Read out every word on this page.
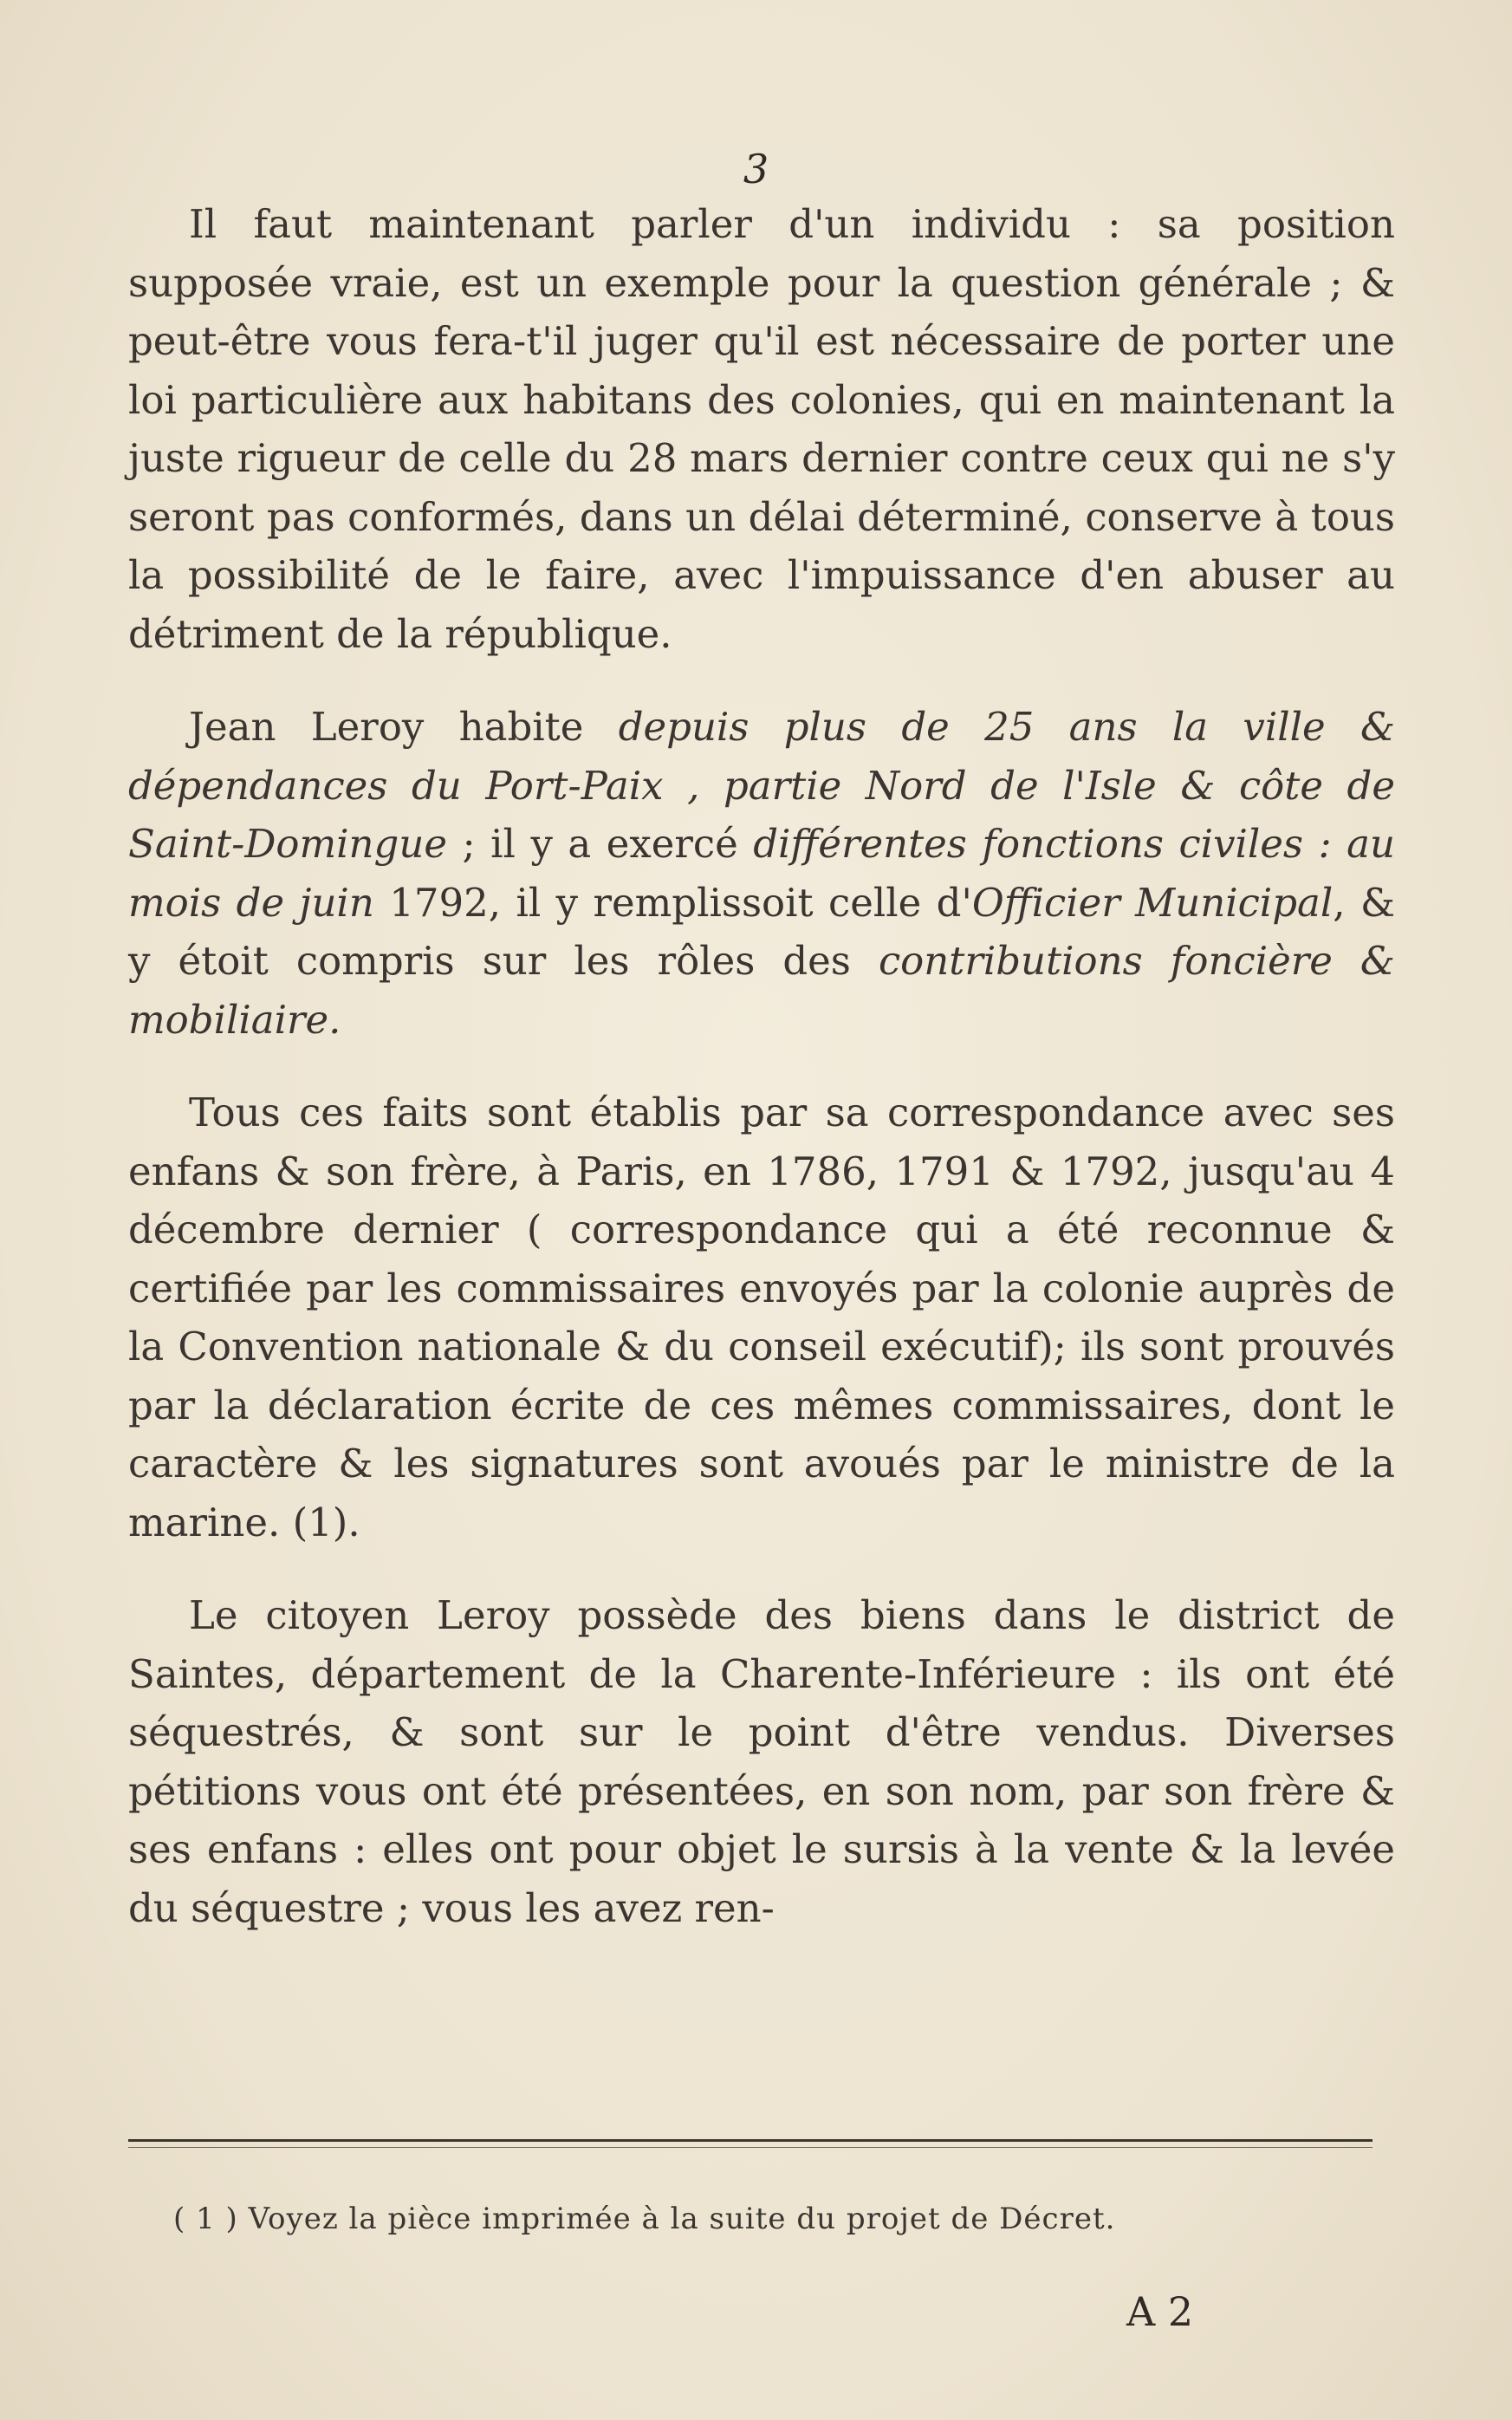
3

Il faut maintenant parler d'un individu : sa position supposée vraie, est un exemple pour la question générale ; & peut-être vous fera-t'il juger qu'il est nécessaire de porter une loi particulière aux habitans des colonies, qui en maintenant la juste rigueur de celle du 28 mars dernier contre ceux qui ne s'y seront pas conformés, dans un délai déterminé, conserve à tous la possibilité de le faire, avec l'impuissance d'en abuser au détriment de la république.

Jean Leroy habite depuis plus de 25 ans la ville & dépendances du Port-Paix , partie Nord de l'Isle & côte de Saint-Domingue ; il y a exercé différentes fonctions civiles : au mois de juin 1792, il y remplissoit celle d'Officier Municipal, & y étoit compris sur les rôles des contributions foncière & mobiliaire.

Tous ces faits sont établis par sa correspondance avec ses enfans & son frère, à Paris, en 1786, 1791 & 1792, jusqu'au 4 décembre dernier ( correspondance qui a été reconnue & certifiée par les commissaires envoyés par la colonie auprès de la Convention nationale & du conseil exécutif); ils sont prouvés par la déclaration écrite de ces mêmes commissaires, dont le caractère & les signatures sont avoués par le ministre de la marine. (1).

Le citoyen Leroy possède des biens dans le district de Saintes, département de la Charente-Inférieure : ils ont été séquestrés, & sont sur le point d'être vendus. Diverses pétitions vous ont été présentées, en son nom, par son frère & ses enfans : elles ont pour objet le sursis à la vente & la levée du séquestre ; vous les avez ren-

( 1 ) Voyez la pièce imprimée à la suite du projet de Décret.
A 2
